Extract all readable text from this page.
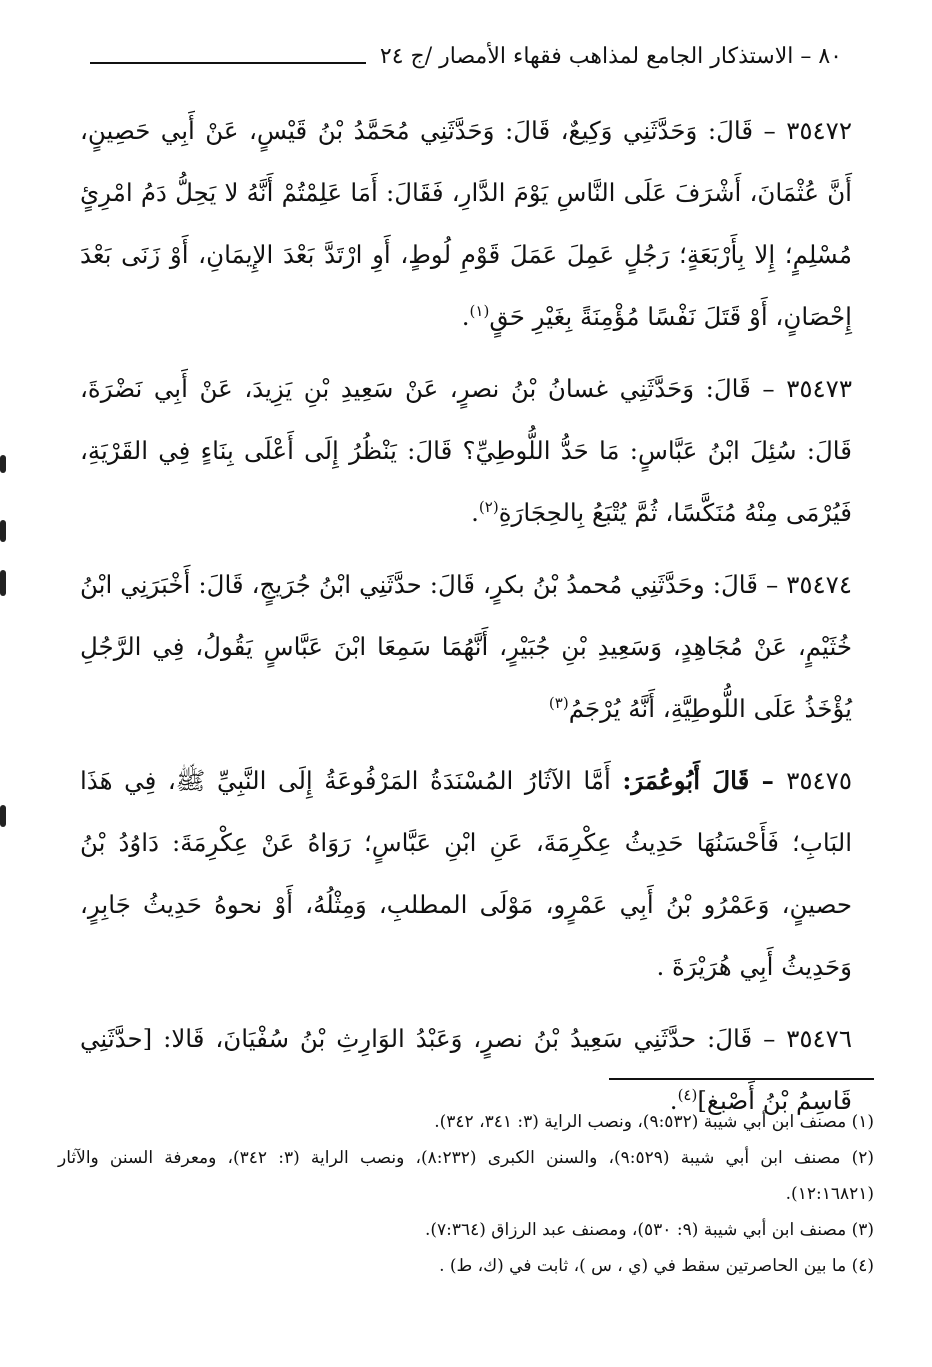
٨٠ – الاستذكار الجامع لمذاهب فقهاء الأمصار /ج ٢٤

٣٥٤٧٢ – قَالَ: وَحَدَّثَنِي وَكِيعٌ، قَالَ: وَحَدَّثَنِي مُحَمَّدُ بْنُ قَيْسٍ، عَنْ أَبِي حَصِينٍ، أَنَّ عُثْمَانَ، أَشْرَفَ عَلَى النَّاسِ يَوْمَ الدَّارِ، فَقَالَ: أَمَا عَلِمْتُمْ أَنَّهُ لا يَحِلُّ دَمُ امْرِئٍ مُسْلِمٍ؛ إِلا بِأَرْبَعَةٍ؛ رَجُلٍ عَمِلَ عَمَلَ قَوْمِ لُوطٍ، أَوِ ارْتَدَّ بَعْدَ الإِيمَانِ، أَوْ زَنَى بَعْدَ إِحْصَانٍ، أَوْ قَتَلَ نَفْسًا مُؤْمِنَةً بِغَيْرِ حَقٍ$^{(١)}$.

٣٥٤٧٣ – قَالَ: وَحَدَّثَنِي غسانُ بْنُ نصرٍ، عَنْ سَعِيدِ بْنِ يَزِيدَ، عَنْ أَبِي نَضْرَةَ، قَالَ: سُئِلَ ابْنُ عَبَّاسٍ: مَا حَدُّ اللُّوطِيِّ؟ قَالَ: يَنْظُرُ إِلَى أَعْلَى بِنَاءٍ فِي القَرْيَةِ، فَيُرْمَى مِنْهُ مُنَكَّسًا، ثُمَّ يُتْبَعُ بِالحِجَارَةِ$^{(٢)}$.

٣٥٤٧٤ – قَالَ: وحَدَّثَنِي مُحمدُ بْنُ بكرٍ، قَالَ: حدَّثَنِي ابْنُ جُرَيجٍ، قَالَ: أَخْبَرَنِي ابْنُ خُثَيْمٍ، عَنْ مُجَاهِدٍ، وَسَعِيدِ بْنِ جُبَيْرٍ، أَنَّهُمَا سَمِعَا ابْنَ عَبَّاسٍ يَقُولُ، فِي الرَّجُلِ يُؤْخَذُ عَلَى اللُّوطِيَّةِ، أَنَّهُ يُرْجَمُ$^{(٣)}$

٣٥٤٧٥ – قَالَ أَبُوعُمَرَ: أَمَّا الآثَارُ المُسْنَدَةُ المَرْفُوعَةُ إِلَى النَّبِيِّ ﷺ، فِي هَذَا البَابِ؛ فَأَحْسَنُهَا حَدِيثُ عِكْرِمَةَ، عَنِ ابْنِ عَبَّاسٍ؛ رَوَاهُ عَنْ عِكْرِمَةَ: دَاوُدُ بْنُ حصينٍ، وَعَمْرُو بْنُ أَبِي عَمْرٍو، مَوْلَى المطلبِ، وَمِثْلُهُ، أَوْ نحوهُ حَدِيثُ جَابِرٍ، وَحَدِيثُ أَبِي هُرَيْرَةَ .

٣٥٤٧٦ – قَالَ: حدَّثَنِي سَعِيدُ بْنُ نصرٍ، وَعَبْدُ الوَارِثِ بْنُ سُفْيَانَ، قَالا: [حدَّثَنِي قَاسِمُ بْنُ أَصْبغ]$^{(٤)}$.

(١) مصنف ابن أبي شيبة (٩:٥٣٢)، ونصب الراية (٣: ٣٤١، ٣٤٢).

(٢) مصنف ابن أبي شيبة (٩:٥٢٩)، والسنن الكبرى (٨:٢٣٢)، ونصب الراية (٣: ٣٤٢)، ومعرفة السنن والآثار (١٢:١٦٨٢١).

(٣) مصنف ابن أبي شيبة (٩: ٥٣٠)، ومصنف عبد الرزاق (٧:٣٦٤).

(٤) ما بين الحاصرتين سقط في (ي ، س )، ثابت في (ك، ط) .
